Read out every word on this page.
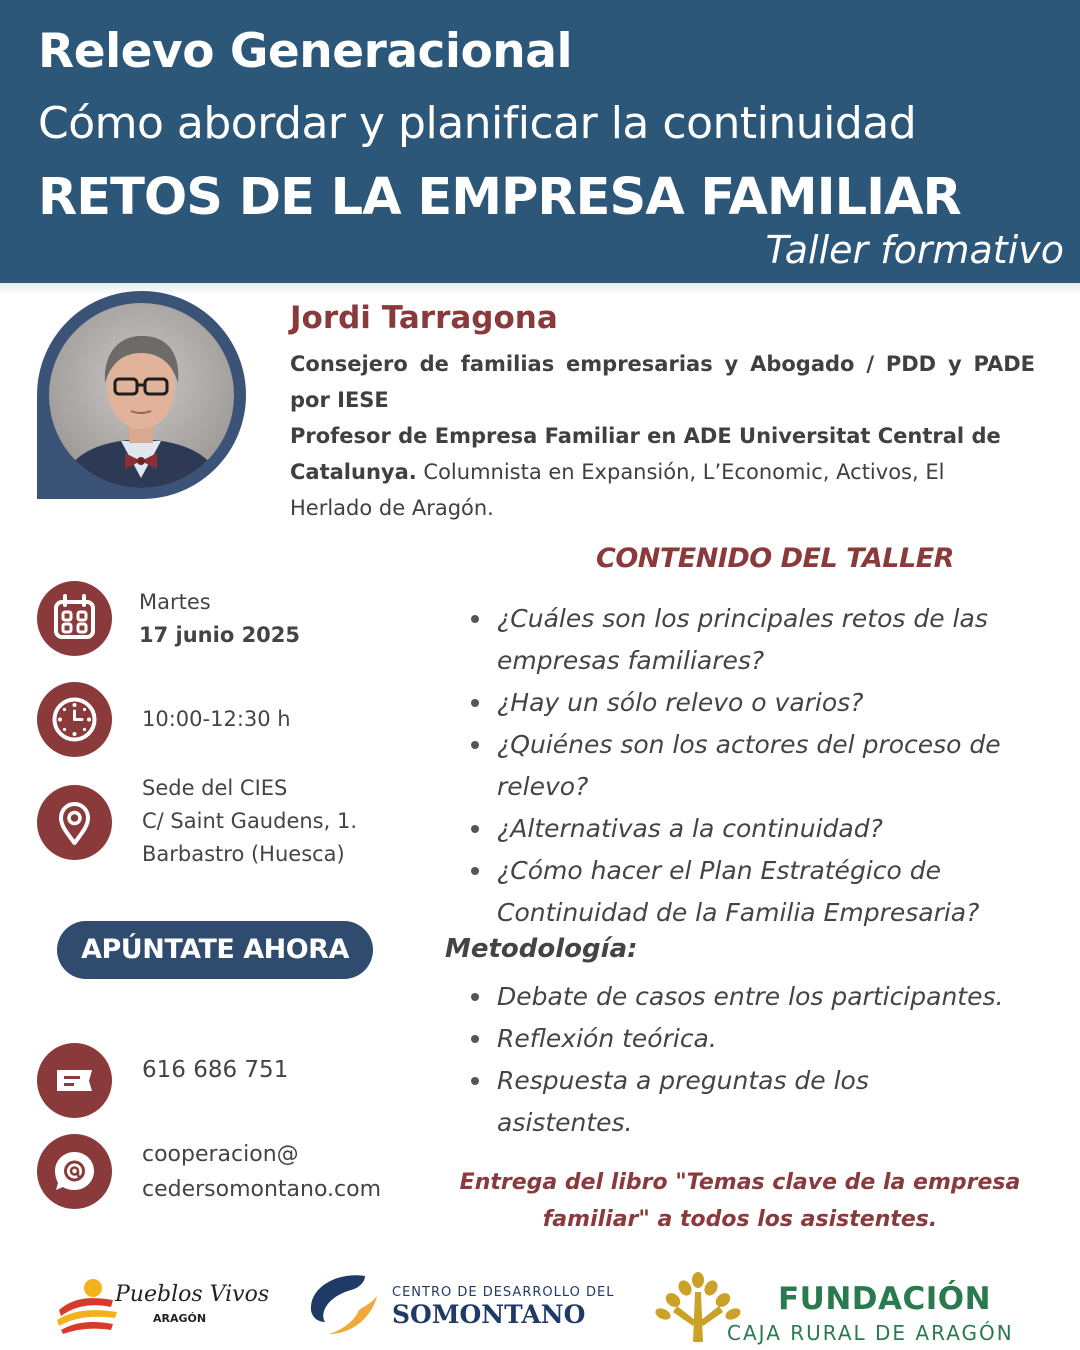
Relevo Generacional
Cómo abordar y planificar la continuidad
RETOS DE LA EMPRESA FAMILIAR
Taller formativo
Jordi Tarragona
Consejero de familias empresarias y Abogado / PDD y PADE por IESE
Profesor de Empresa Familiar en ADE Universitat Central de
Catalunya. Columnista en Expansión, L’Economic, Activos, El
Herlado de Aragón.
Martes
17 junio 2025
10:00-12:30 h
Sede del CIES
C/ Saint Gaudens, 1.
Barbastro (Huesca)
APÚNTATE AHORA
616 686 751
cooperacion@
cedersomontano.com
CONTENIDO DEL TALLER
¿Cuáles son los principales retos de las
empresas familiares?
¿Hay un sólo relevo o varios?
¿Quiénes son los actores del proceso de
relevo?
¿Alternativas a la continuidad?
¿Cómo hacer el Plan Estratégico de
Continuidad de la Familia Empresaria?
Metodología:
Debate de casos entre los participantes.
Reflexión teórica.
Respuesta a preguntas de los
asistentes.
Entrega del libro "Temas clave de la empresa
familiar" a todos los asistentes.
Pueblos Vivos
ARAGÓN
CENTRO DE DESARROLLO DEL
SOMONTANO	FUNDACIÓN
CAJA RURAL DE ARAGÓN
